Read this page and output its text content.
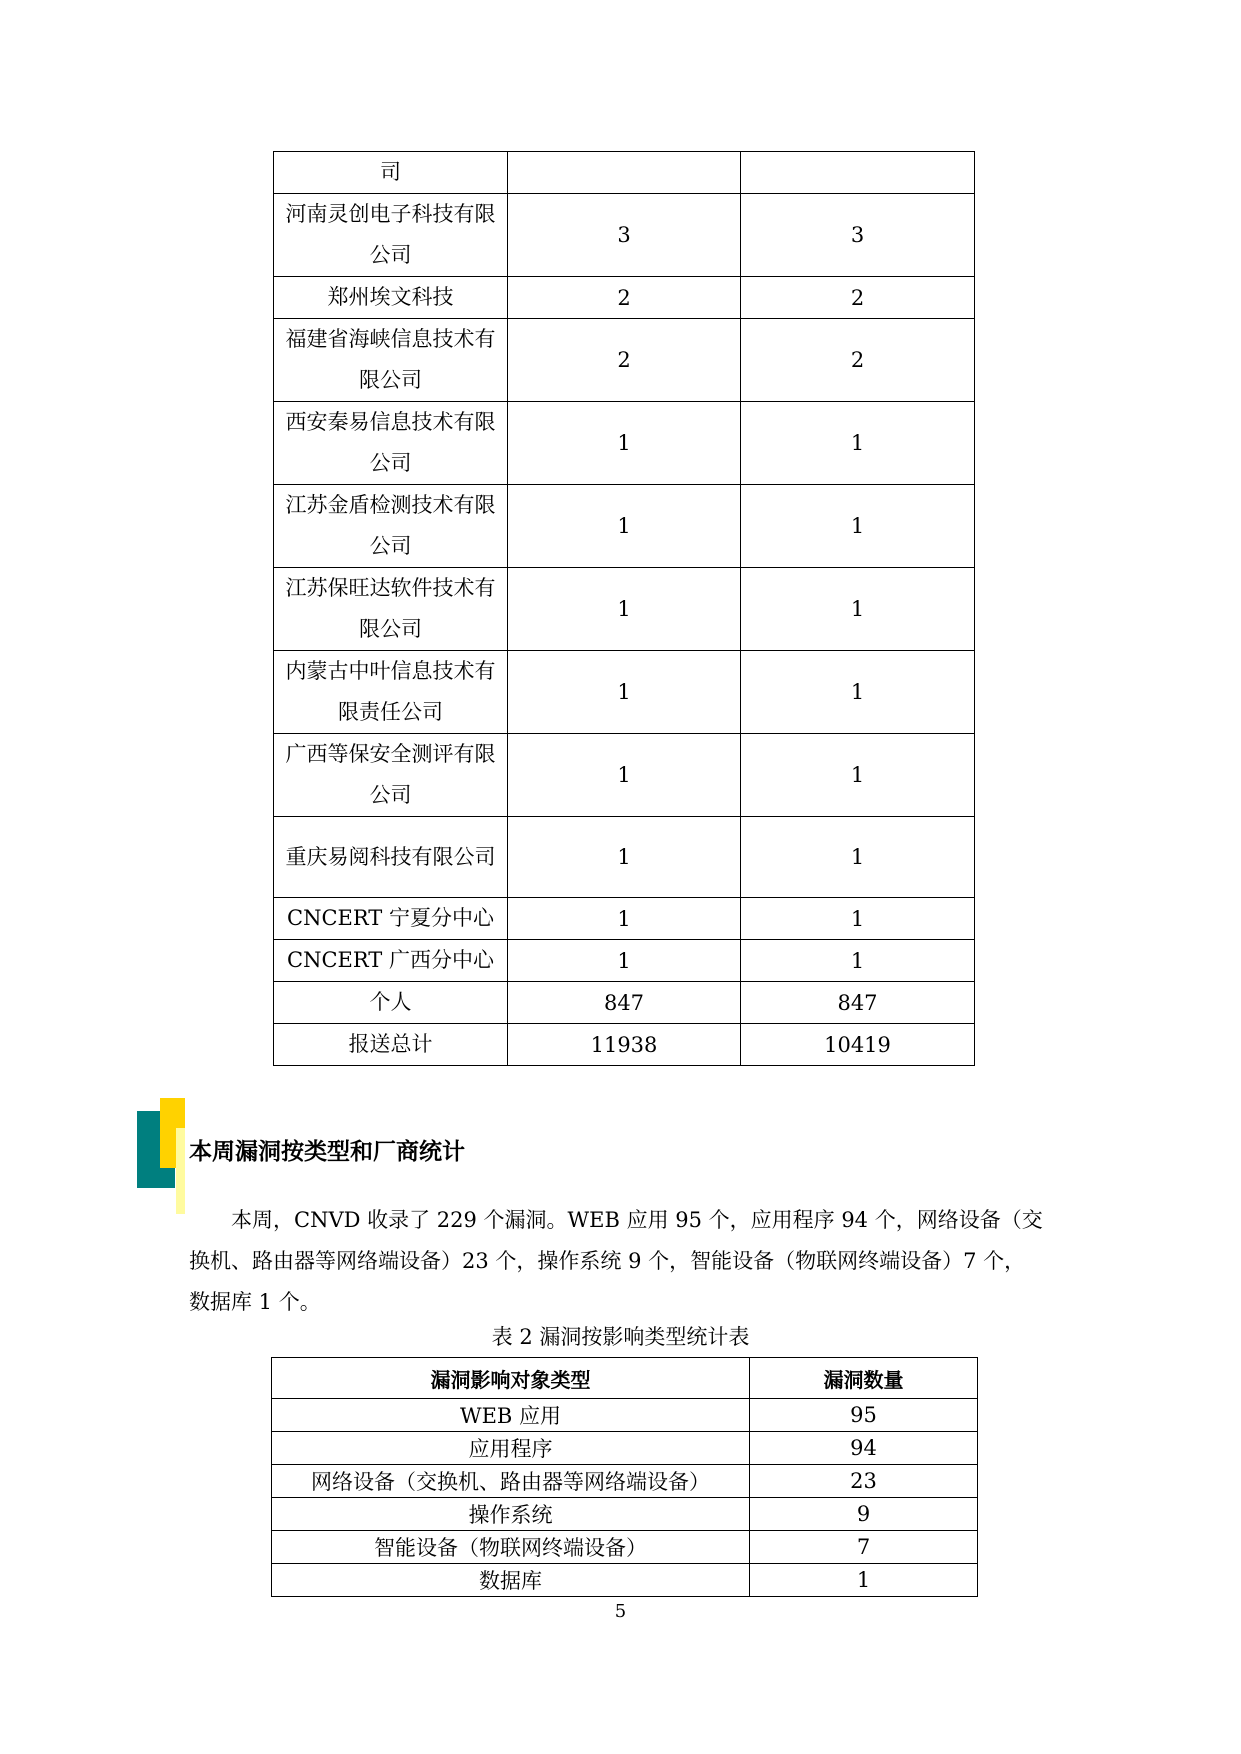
司		
河南灵创电子科技有限公司	3	3
郑州埃文科技	2	2
福建省海峡信息技术有限公司	2	2
西安秦易信息技术有限公司	1	1
江苏金盾检测技术有限公司	1	1
江苏保旺达软件技术有限公司	1	1
内蒙古中叶信息技术有限责任公司	1	1
广西等保安全测评有限公司	1	1
重庆易阅科技有限公司	1	1
CNCERT 宁夏分中心	1	1
CNCERT 广西分中心	1	1
个人	847	847
报送总计	11938	10419
本周漏洞按类型和厂商统计

本周，CNVD 收录了 229 个漏洞。WEB 应用 95 个，应用程序 94 个，网络设备（交

换机、路由器等网络端设备）23 个，操作系统 9 个，智能设备（物联网终端设备）7 个，

数据库 1 个。

表 2 漏洞按影响类型统计表
漏洞影响对象类型	漏洞数量
WEB 应用	95
应用程序	94
网络设备（交换机、路由器等网络端设备）	23
操作系统	9
智能设备（物联网终端设备）	7
数据库	1
5
